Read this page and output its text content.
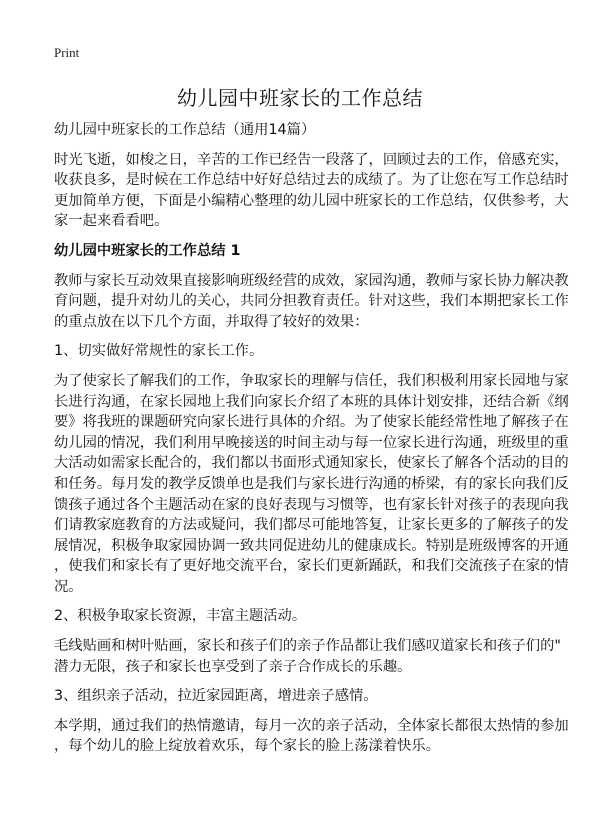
Print
幼儿园中班家长的工作总结

幼儿园中班家长的工作总结（通用14篇）

时光飞逝，如梭之日，辛苦的工作已经告一段落了，回顾过去的工作，倍感充实，
收获良多，是时候在工作总结中好好总结过去的成绩了。为了让您在写工作总结时
更加简单方便，下面是小编精心整理的幼儿园中班家长的工作总结，仅供参考，大
家一起来看看吧。

幼儿园中班家长的工作总结 1

教师与家长互动效果直接影响班级经营的成效，家园沟通，教师与家长协力解决教
育问题，提升对幼儿的关心，共同分担教育责任。针对这些，我们本期把家长工作
的重点放在以下几个方面，并取得了较好的效果：

1、切实做好常规性的家长工作。

为了使家长了解我们的工作，争取家长的理解与信任，我们积极利用家长园地与家
长进行沟通，在家长园地上我们向家长介绍了本班的具体计划安排，还结合新《纲
要》将我班的课题研究向家长进行具体的介绍。为了使家长能经常性地了解孩子在
幼儿园的情况，我们利用早晚接送的时间主动与每一位家长进行沟通，班级里的重
大活动如需家长配合的，我们都以书面形式通知家长，使家长了解各个活动的目的
和任务。每月发的教学反馈单也是我们与家长进行沟通的桥梁，有的家长向我们反
馈孩子通过各个主题活动在家的良好表现与习惯等，也有家长针对孩子的表现向我
们请教家庭教育的方法或疑问，我们都尽可能地答复，让家长更多的了解孩子的发
展情况，积极争取家园协调一致共同促进幼儿的健康成长。特别是班级博客的开通
，使我们和家长有了更好地交流平台，家长们更新踊跃，和我们交流孩子在家的情
况。

2、积极争取家长资源，丰富主题活动。

毛线贴画和树叶贴画，家长和孩子们的亲子作品都让我们感叹道家长和孩子们的"
潜力无限，孩子和家长也享受到了亲子合作成长的乐趣。

3、组织亲子活动，拉近家园距离，增进亲子感情。

本学期，通过我们的热情邀请，每月一次的亲子活动，全体家长都很太热情的参加
，每个幼儿的脸上绽放着欢乐，每个家长的脸上荡漾着快乐。
